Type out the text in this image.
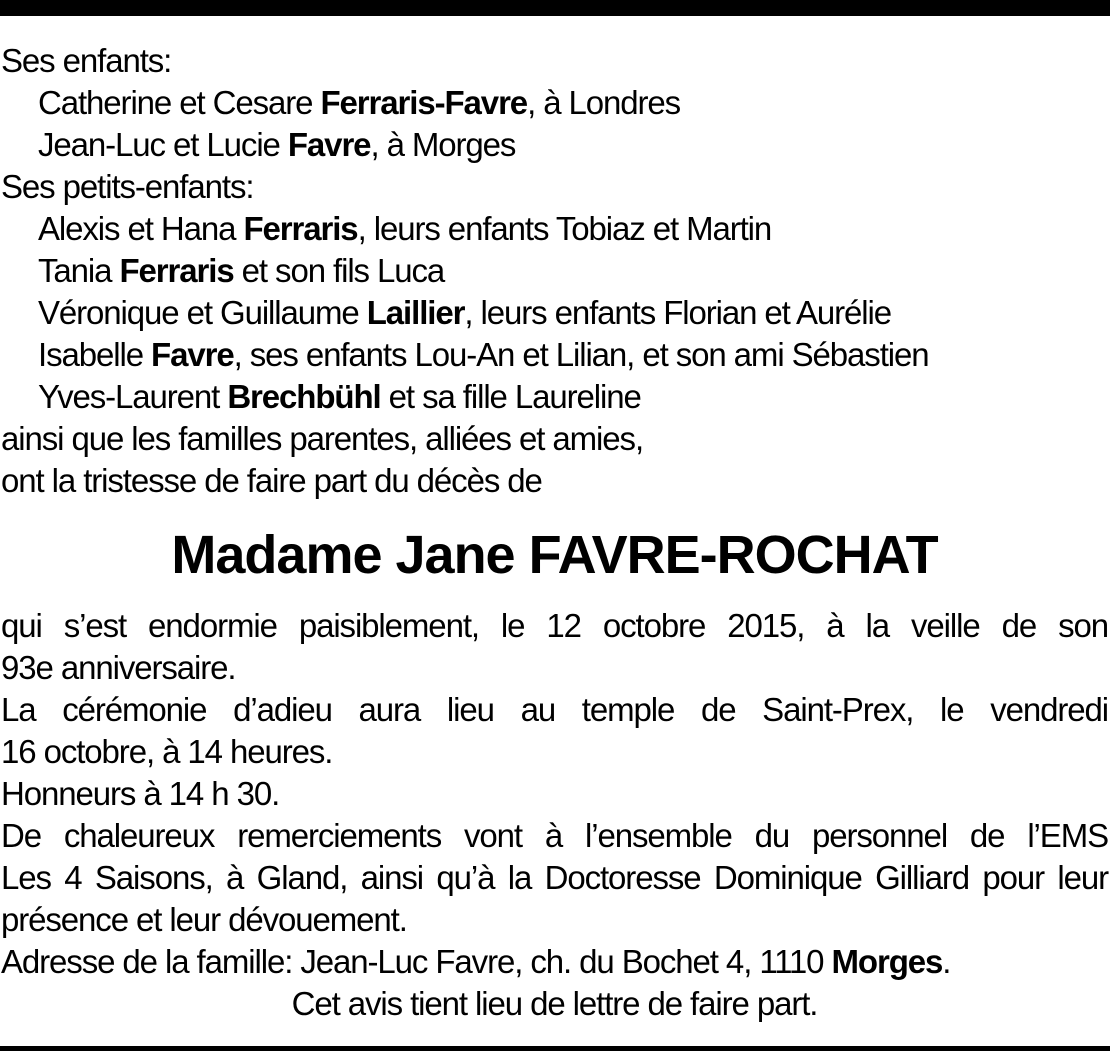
Ses enfants:
Catherine et Cesare Ferraris-Favre, à Londres
Jean-Luc et Lucie Favre, à Morges
Ses petits-enfants:
Alexis et Hana Ferraris, leurs enfants Tobiaz et Martin
Tania Ferraris et son fils Luca
Véronique et Guillaume Laillier, leurs enfants Florian et Aurélie
Isabelle Favre, ses enfants Lou-An et Lilian, et son ami Sébastien
Yves-Laurent Brechbühl et sa fille Laureline
ainsi que les familles parentes, alliées et amies,
ont la tristesse de faire part du décès de
Madame Jane FAVRE-ROCHAT
qui s’est endormie paisiblement, le 12 octobre 2015, à la veille de son
93e anniversaire.
La cérémonie d’adieu aura lieu au temple de Saint-Prex, le vendredi
16 octobre, à 14 heures.
Honneurs à 14 h 30.
De chaleureux remerciements vont à l’ensemble du personnel de l’EMS
Les 4 Saisons, à Gland, ainsi qu’à la Doctoresse Dominique Gilliard pour leur
présence et leur dévouement.
Adresse de la famille: Jean-Luc Favre, ch. du Bochet 4, 1110 Morges.
Cet avis tient lieu de lettre de faire part.
